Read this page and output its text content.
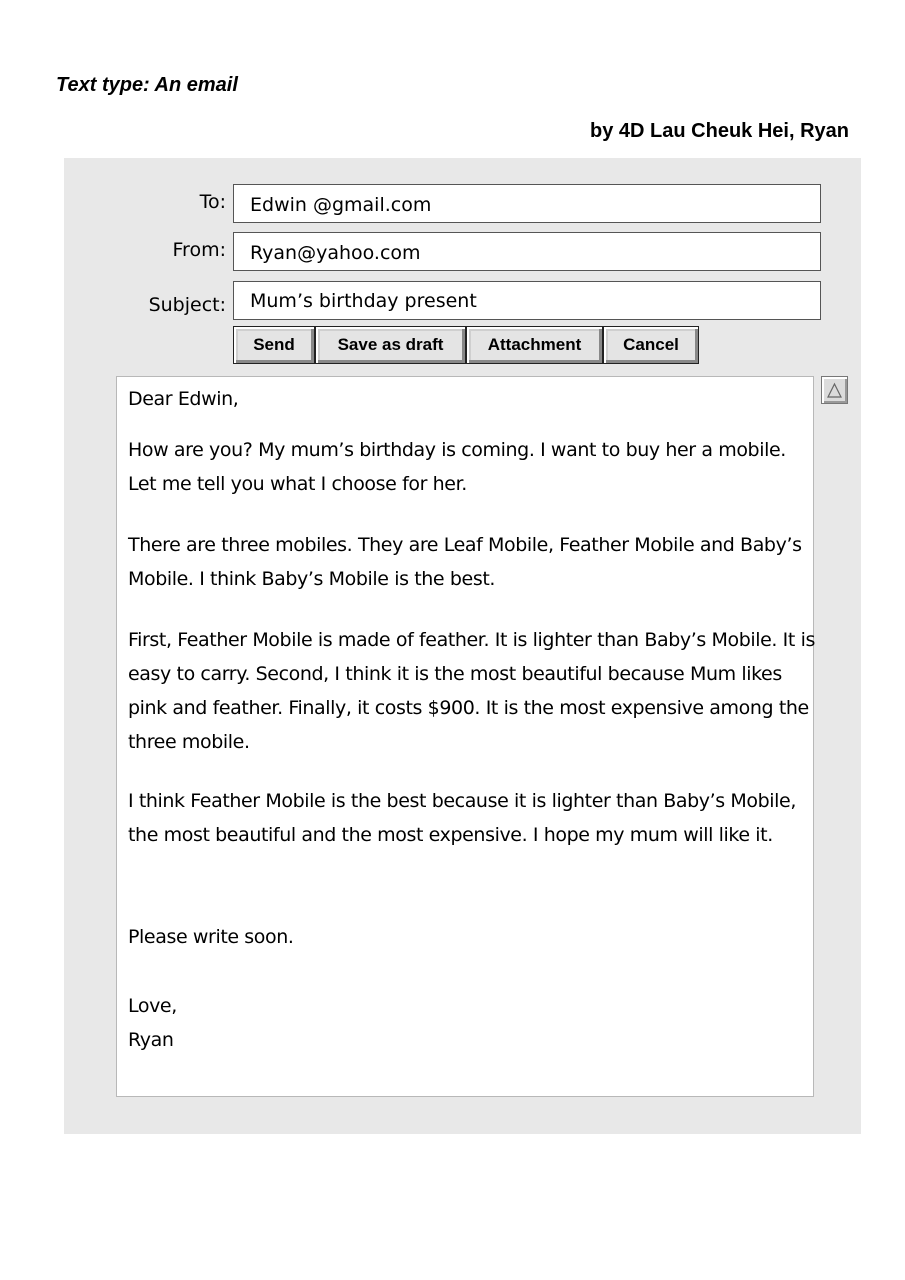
Text type: An email
by 4D Lau Cheuk Hei, Ryan
To:	Edwin @gmail.com
From:	Ryan@yahoo.com
Subject:	Mum’s birthday present
Send	Save as draft	Attachment	Cancel

Dear Edwin,

How are you? My mum’s birthday is coming. I want to buy her a mobile. Let me tell you what I choose for her.

There are three mobiles. They are Leaf Mobile, Feather Mobile and Baby’s Mobile. I think Baby’s Mobile is the best.

First, Feather Mobile is made of feather. It is lighter than Baby’s Mobile. It is easy to carry. Second, I think it is the most beautiful because Mum likes pink and feather. Finally, it costs $900. It is the most expensive among the three mobile.

I think Feather Mobile is the best because it is lighter than Baby’s Mobile, the most beautiful and the most expensive. I hope my mum will like it.

Please write soon.

Love,

Ryan
